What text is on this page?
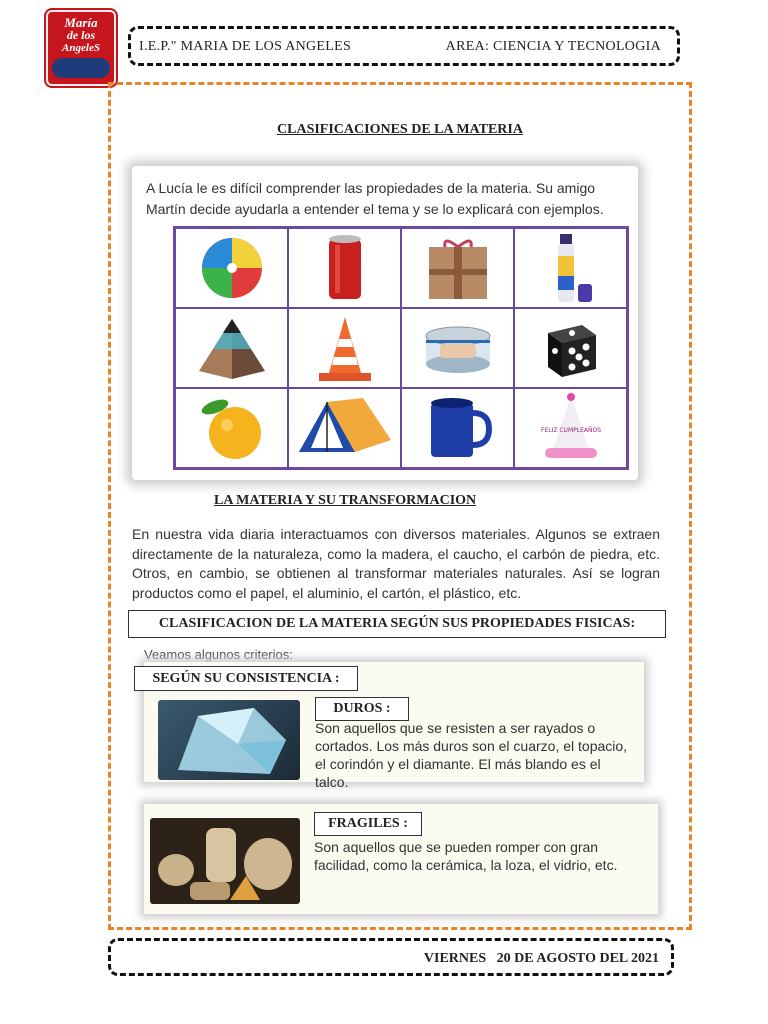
María
de los
AngeleS	I.E.P." MARIA DE LOS ANGELES	AREA: CIENCIA Y TECNOLOGIA
CLASIFICACIONES DE LA MATERIA
A Lucía le es difícil comprender las propiedades de la materia. Su amigo Martín decide ayudarla a entender el tema y se lo explicará con ejemplos.
FELIZ CUMPLEAÑOS
LA MATERIA Y SU TRANSFORMACION
En nuestra vida diaria interactuamos con diversos materiales. Algunos se extraen directamente de la naturaleza, como la madera, el caucho, el carbón de piedra, etc. Otros, en cambio, se obtienen al transformar materiales naturales. Así se logran productos como el papel, el aluminio, el cartón, el plástico, etc.
CLASIFICACION DE LA MATERIA SEGÚN SUS PROPIEDADES FISICAS:
Veamos algunos criterios:
SEGÚN SU CONSISTENCIA :
DUROS :
Son aquellos que se resisten a ser rayados o cortados. Los más duros son el cuarzo, el topacio, el corindón y el diamante. El más blando es el talco.
FRAGILES :
Son aquellos que se pueden romper con gran facilidad, como la cerámica, la loza, el vidrio, etc.
VIERNES   20 DE AGOSTO DEL 2021
